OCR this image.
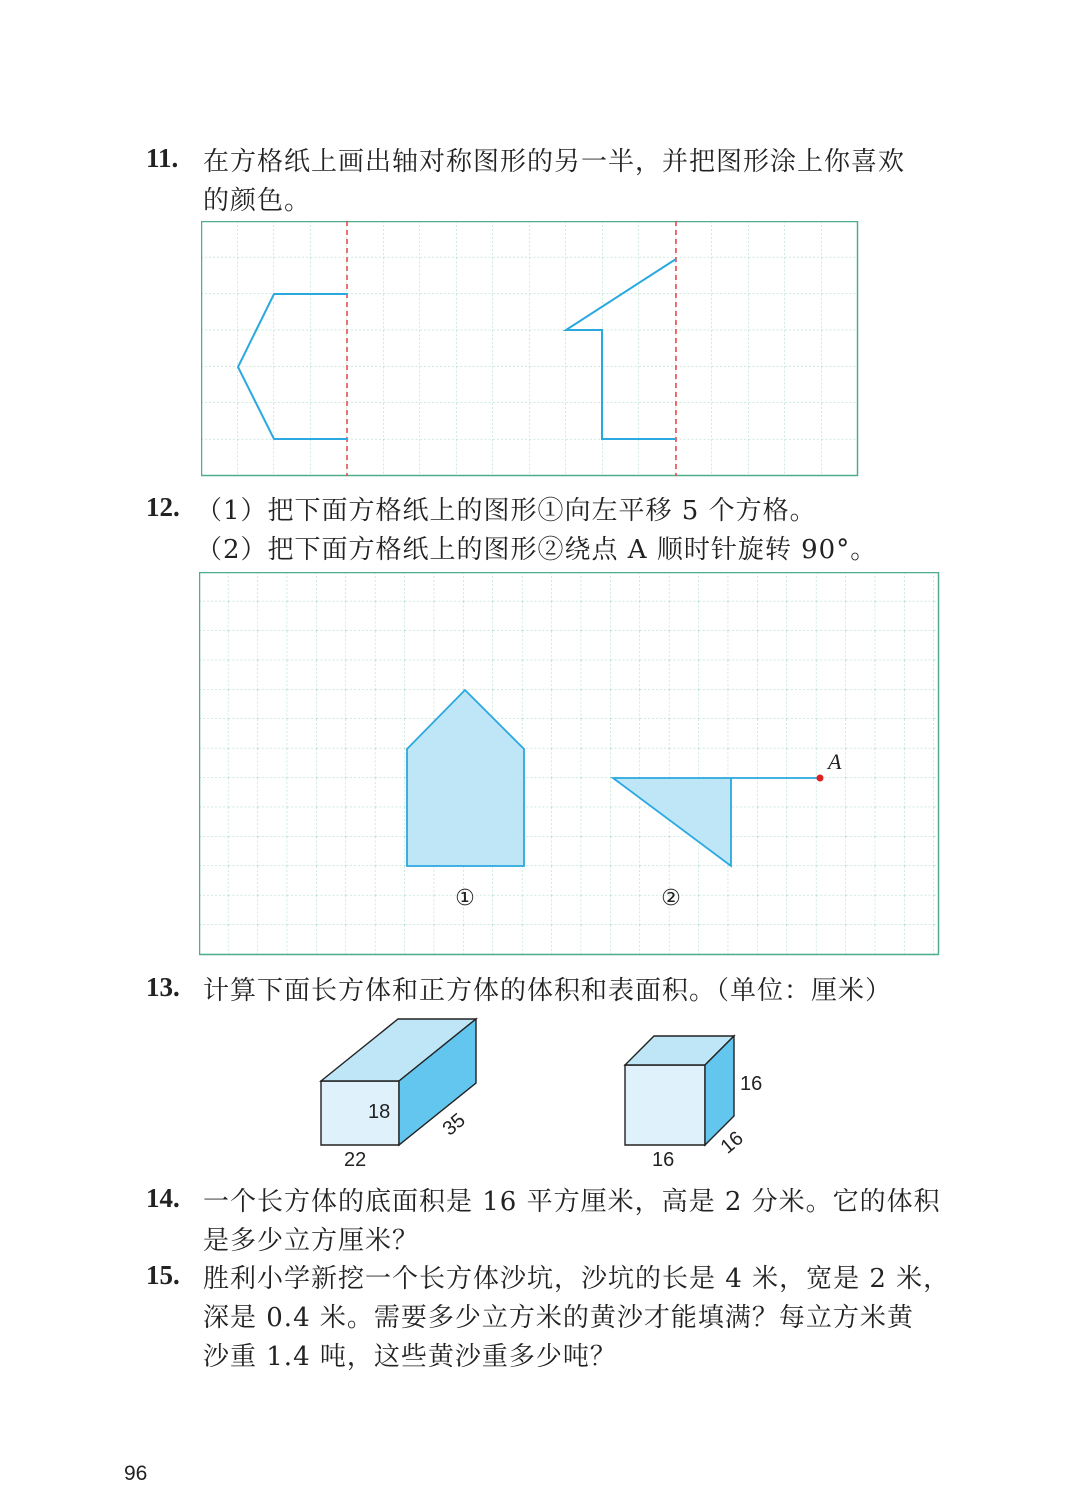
11. 在方格纸上画出轴对称图形的另一半，并把图形涂上你喜欢
的颜色。
12. （1）把下面方格纸上的图形①向左平移 5 个方格。
（2）把下面方格纸上的图形②绕点 A 顺时针旋转 90°。
A
①	②
13. 计算下面长方体和正方体的体积和表面积。（单位：厘米）
18 35
22
16
16
16
14. 一个长方体的底面积是 16 平方厘米，高是 2 分米。它的体积
是多少立方厘米？
15. 胜利小学新挖一个长方体沙坑，沙坑的长是 4 米，宽是 2 米，
深是 0.4 米。需要多少立方米的黄沙才能填满？每立方米黄
沙重 1.4 吨，这些黄沙重多少吨？
96
